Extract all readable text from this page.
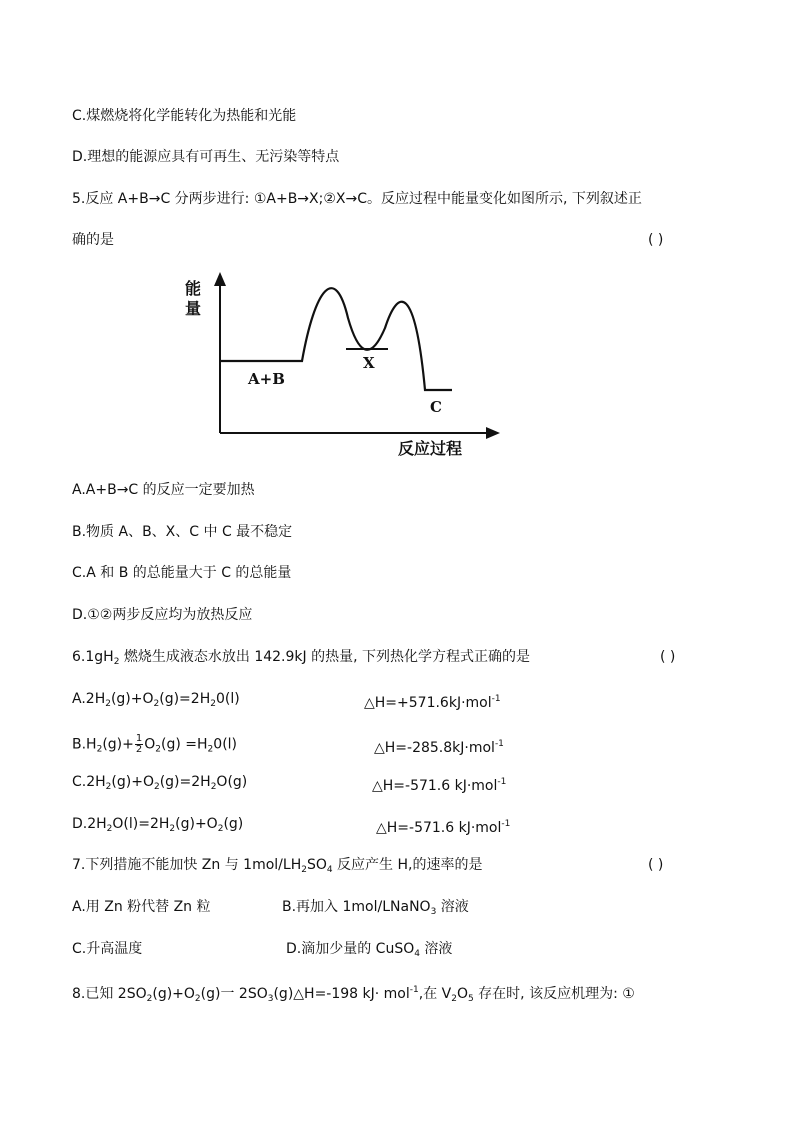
C.煤燃烧将化学能转化为热能和光能
D.理想的能源应具有可再生、无污染等特点
5.反应 A+B→C 分两步进行: ①A+B→X;②X→C。反应过程中能量变化如图所示, 下列叙述正
确的是	( )
能
量
A+B
X
C
反应过程
A.A+B→C 的反应一定要加热
B.物质 A、B、X、C 中 C 最不稳定
C.A 和 B 的总能量大于 C 的总能量
D.①②两步反应均为放热反应
$6.1gH_2$ 燃烧生成液态水放出 142.9kJ 的热量, 下列热化学方程式正确的是	( )
$A.2H_2(g)+O_2(g)=2H_20(l)$	△H=+571.6kJ·mol$^{-1}$
$B.H_2(g)+ \frac{1}{2} O_2(g) =H_20(l)$	△H=-285.8kJ·mol$^{-1}$
$C.2H_2(g)+O_2(g)=2H_2O(g)$	△H=-571.6 kJ·mol$^{-1}$
$D.2H_2O(l)=2H_2(g)+O_2(g)$	△H=-571.6 kJ·mol$^{-1}$
7.下列措施不能加快 Zn 与 $1mol/LH_2SO_4$ 反应产生 H,的速率的是	( )
A.用 Zn 粉代替 Zn 粒	B.再加入 1mol/LNaNO$_3$ 溶液
C.升高温度	D.滴加少量的 CuSO$_4$ 溶液
8.已知 $2SO_2(g)+O_2(g)$一 $2SO_3(g)\triangle H=-198$ kJ· mol$^{-1}$,在 $V_2O_5$ 存在时, 该反应机理为: ①
